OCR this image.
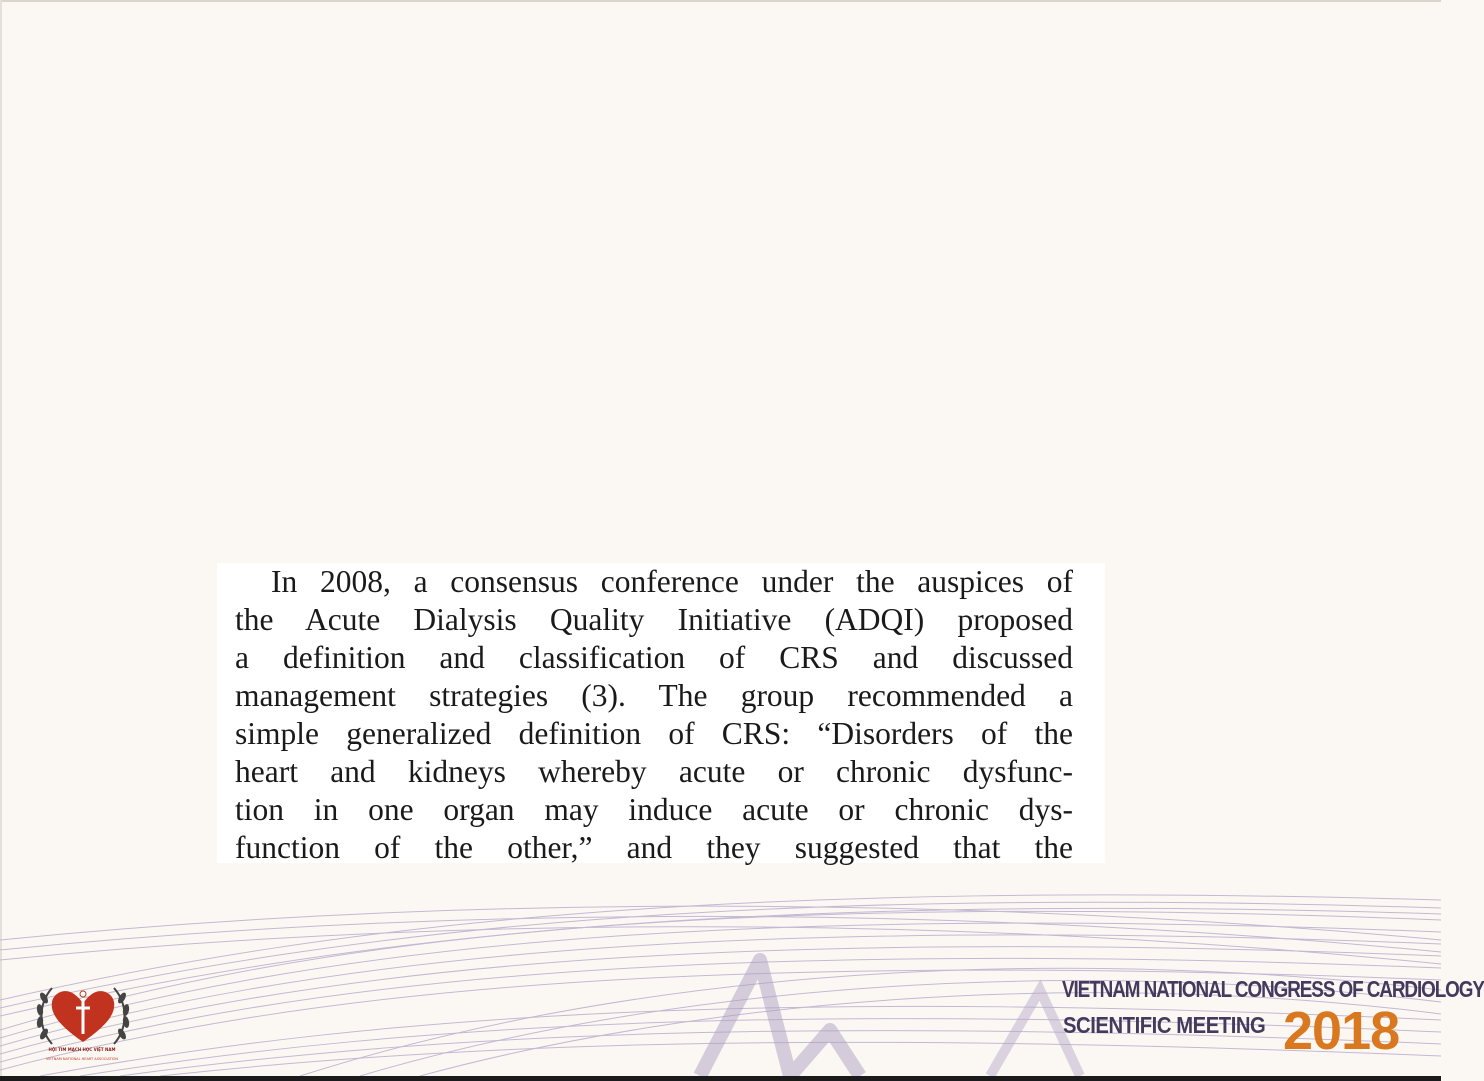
In 2008, a consensus conference under the auspices of

the Acute Dialysis Quality Initiative (ADQI) proposed

a definition and classification of CRS and discussed

management strategies (3). The group recommended a

simple generalized definition of CRS: “Disorders of the

heart and kidneys whereby acute or chronic dysfunc-

tion in one organ may induce acute or chronic dys-

function of the other,” and they suggested that the

HỘI TIM MẠCH HỌC VIỆT NAM
VIETNAM NATIONAL HEART ASSOCIATION
VIETNAM NATIONAL CONGRESS OF CARDIOLOGY
SCIENTIFIC MEETING 2018
